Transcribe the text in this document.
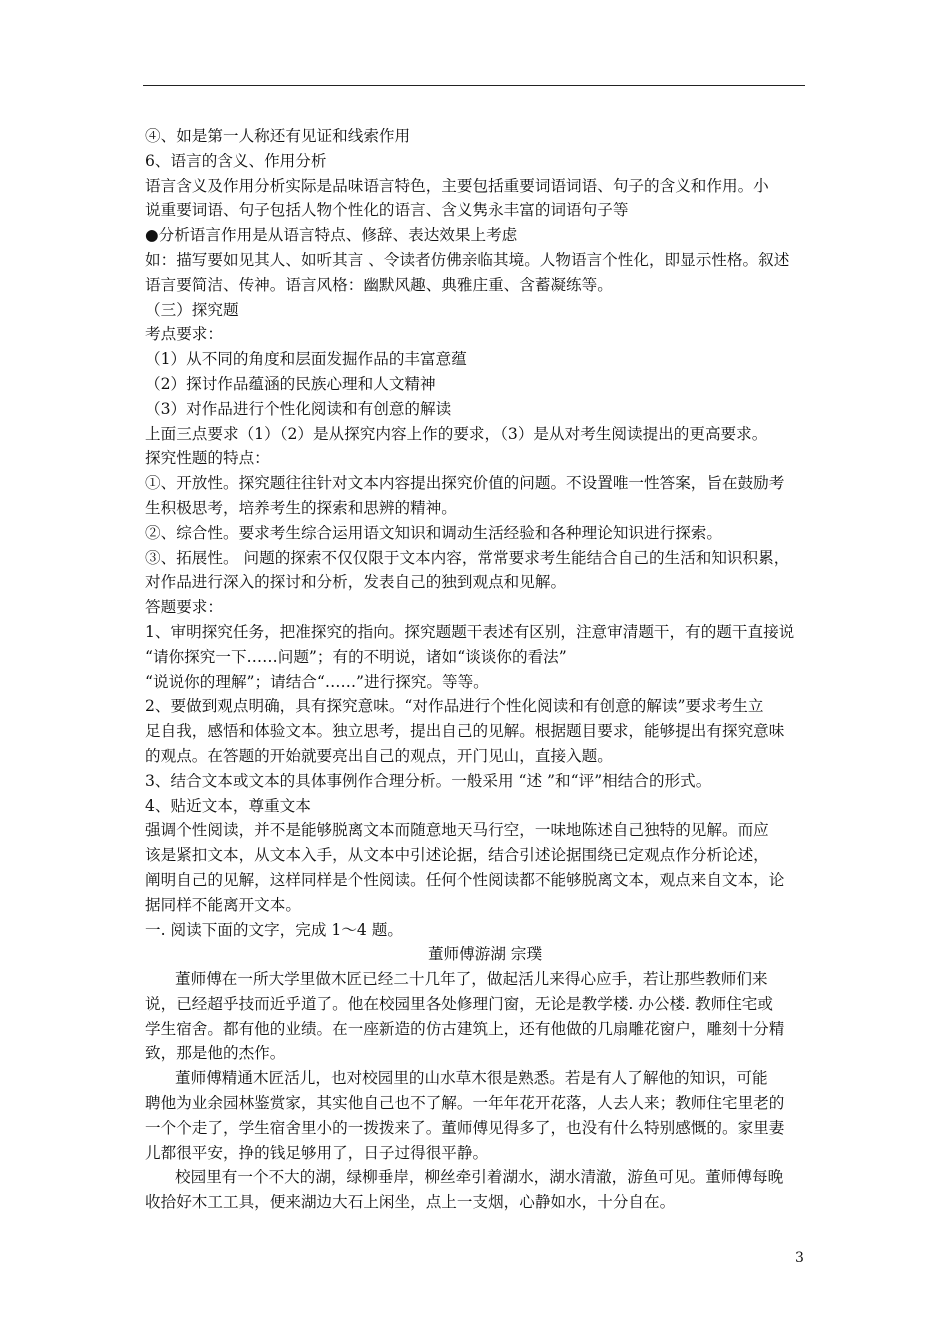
④、如是第一人称还有见证和线索作用

6、语言的含义、作用分析

语言含义及作用分析实际是品味语言特色，主要包括重要词语词语、句子的含义和作用。小

说重要词语、句子包括人物个性化的语言、含义隽永丰富的词语句子等

●分析语言作用是从语言特点、修辞、表达效果上考虑

如：描写要如见其人、如听其言 、令读者仿佛亲临其境。人物语言个性化，即显示性格。叙述

语言要简洁、传神。语言风格：幽默风趣、典雅庄重、含蓄凝练等。

（三）探究题

考点要求：

（1）从不同的角度和层面发掘作品的丰富意蕴

（2）探讨作品蕴涵的民族心理和人文精神

（3）对作品进行个性化阅读和有创意的解读

上面三点要求（1）（2）是从探究内容上作的要求，（3）是从对考生阅读提出的更高要求。

探究性题的特点：

①、开放性。探究题往往针对文本内容提出探究价值的问题。不设置唯一性答案，旨在鼓励考

生积极思考，培养考生的探索和思辨的精神。

②、综合性。要求考生综合运用语文知识和调动生活经验和各种理论知识进行探索。

③、拓展性。 问题的探索不仅仅限于文本内容，常常要求考生能结合自己的生活和知识积累，

对作品进行深入的探讨和分析，发表自己的独到观点和见解。

答题要求：

1、审明探究任务，把准探究的指向。探究题题干表述有区别，注意审清题干，有的题干直接说

“请你探究一下……问题”；有的不明说，诸如“谈谈你的看法”

“说说你的理解”；请结合“……”进行探究。等等。

2、要做到观点明确，具有探究意味。“对作品进行个性化阅读和有创意的解读”要求考生立

足自我，感悟和体验文本。独立思考，提出自己的见解。根据题目要求，能够提出有探究意味

的观点。在答题的开始就要亮出自己的观点，开门见山，直接入题。

3、结合文本或文本的具体事例作合理分析。一般采用 “述 ”和“评”相结合的形式。

4、贴近文本，尊重文本

强调个性阅读，并不是能够脱离文本而随意地天马行空，一味地陈述自己独特的见解。而应

该是紧扣文本，从文本入手，从文本中引述论据，结合引述论据围绕已定观点作分析论述，

阐明自己的见解，这样同样是个性阅读。任何个性阅读都不能够脱离文本，观点来自文本，论

据同样不能离开文本。

一. 阅读下面的文字，完成 1～4 题。

董师傅游湖 宗璞

董师傅在一所大学里做木匠已经二十几年了，做起活儿来得心应手，若让那些教师们来

说，已经超乎技而近乎道了。他在校园里各处修理门窗，无论是教学楼. 办公楼. 教师住宅或

学生宿舍。都有他的业绩。在一座新造的仿古建筑上，还有他做的几扇雕花窗户，雕刻十分精

致，那是他的杰作。

董师傅精通木匠活儿，也对校园里的山水草木很是熟悉。若是有人了解他的知识，可能

聘他为业余园林鉴赏家，其实他自己也不了解。一年年花开花落，人去人来；教师住宅里老的

一个个走了，学生宿舍里小的一拨拨来了。董师傅见得多了，也没有什么特别感慨的。家里妻

儿都很平安，挣的钱足够用了，日子过得很平静。

校园里有一个不大的湖，绿柳垂岸，柳丝牵引着湖水，湖水清澈，游鱼可见。董师傅每晚

收拾好木工工具，便来湖边大石上闲坐，点上一支烟，心静如水，十分自在。

3
